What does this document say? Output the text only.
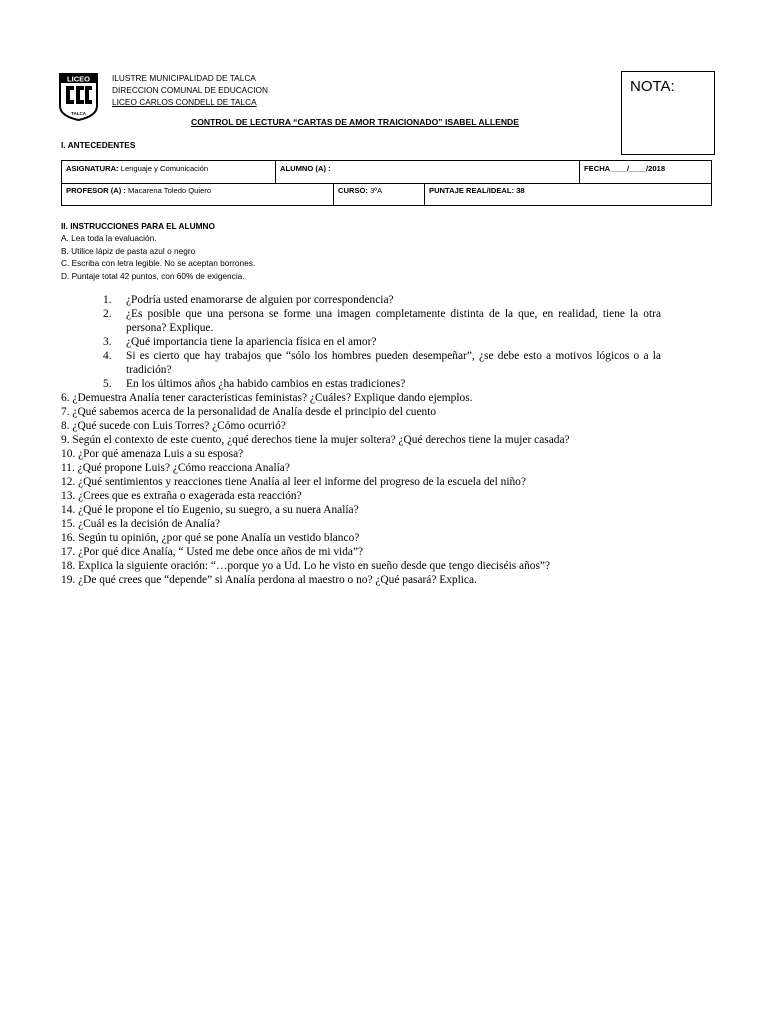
LICEO
TALCA
ILUSTRE MUNICIPALIDAD DE TALCA
DIRECCION COMUNAL DE EDUCACION
LICEO CARLOS CONDELL DE TALCA
NOTA:
CONTROL DE LECTURA “CARTAS DE AMOR TRAICIONADO” ISABEL ALLENDE
I. ANTECEDENTES
ASIGNATURA: Lenguaje y Comunicación	ALUMNO (A) :	FECHA____/____/2018
PROFESOR (A) : Macarena Toledo Quiero	CURSO: 3ºA	PUNTAJE REAL/IDEAL: 38
II. INSTRUCCIONES PARA EL ALUMNO
A. Lea toda la evaluación.
B. Utilice lápiz de pasta azul o negro
C. Escriba con letra legible. No se aceptan borrones.
D. Puntaje total 42 puntos, con 60% de exigencia.
1. ¿Podría usted enamorarse de alguien por correspondencia?
2. ¿Es posible que una persona se forme una imagen completamente distinta de la que, en realidad, tiene la otra persona? Explique.
3. ¿Qué importancia tiene la apariencia física en el amor?
4. Si es cierto que hay trabajos que “sólo los hombres pueden desempeñar”, ¿se debe esto a motivos lógicos o a la tradición?
5. En los últimos años ¿ha habido cambios en estas tradiciones?
6. ¿Demuestra Analía tener características feministas? ¿Cuáles? Explique dando ejemplos.
7. ¿Qué sabemos acerca de la personalidad de Analía desde el principio del cuento
8. ¿Qué sucede con Luis Torres? ¿Cómo ocurrió?
9. Según el contexto de este cuento, ¿qué derechos tiene la mujer soltera? ¿Qué derechos tiene la mujer casada?
10. ¿Por qué amenaza Luis a su esposa?
11. ¿Qué propone Luis? ¿Cómo reacciona Analía?
12. ¿Qué sentimientos y reacciones tiene Analía al leer el informe del progreso de la escuela del niño?
13. ¿Crees que es extraña o exagerada esta reacción?
14. ¿Qué le propone el tío Eugenio, su suegro, a su nuera Analía?
15. ¿Cuál es la decisión de Analía?
16. Según tu opinión, ¿por qué se pone Analía un vestido blanco?
17. ¿Por qué dice Analía, “ Usted me debe once años de mi vida”?
18. Explica la siguiente oración: “…porque yo a Ud. Lo he visto en sueño desde que tengo dieciséis años”?
19. ¿De qué crees que “depende” si Analía perdona al maestro o no? ¿Qué pasará? Explica.
